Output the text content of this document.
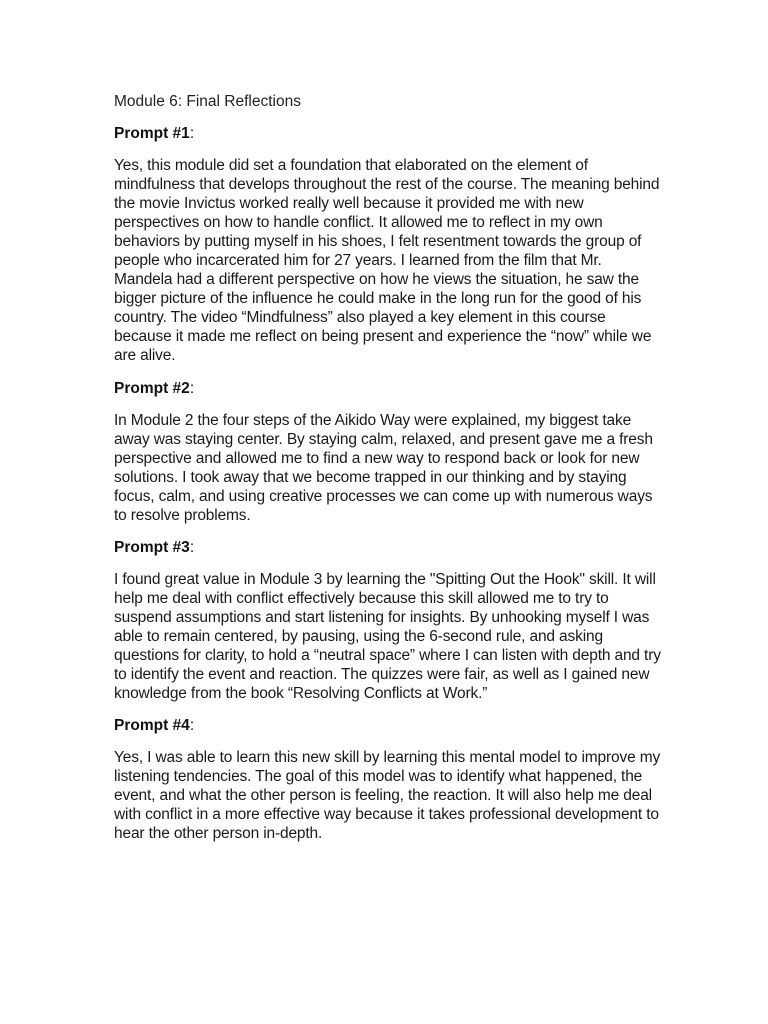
Module 6: Final Reflections
Prompt #1:
Yes, this module did set a foundation that elaborated on the element of mindfulness that develops throughout the rest of the course. The meaning behind the movie Invictus worked really well because it provided me with new perspectives on how to handle conflict. It allowed me to reflect in my own behaviors by putting myself in his shoes, I felt resentment towards the group of people who incarcerated him for 27 years. I learned from the film that Mr. Mandela had a different perspective on how he views the situation, he saw the bigger picture of the influence he could make in the long run for the good of his country. The video “Mindfulness” also played a key element in this course because it made me reflect on being present and experience the “now” while we are alive.
Prompt #2:
In Module 2 the four steps of the Aikido Way were explained, my biggest take away was staying center. By staying calm, relaxed, and present gave me a fresh perspective and allowed me to find a new way to respond back or look for new solutions. I took away that we become trapped in our thinking and by staying focus, calm, and using creative processes we can come up with numerous ways to resolve problems.
Prompt #3:
I found great value in Module 3 by learning the "Spitting Out the Hook" skill. It will help me deal with conflict effectively because this skill allowed me to try to suspend assumptions and start listening for insights. By unhooking myself I was able to remain centered, by pausing, using the 6-second rule, and asking questions for clarity, to hold a “neutral space” where I can listen with depth and try to identify the event and reaction. The quizzes were fair, as well as I gained new knowledge from the book “Resolving Conflicts at Work.”
Prompt #4:
Yes, I was able to learn this new skill by learning this mental model to improve my listening tendencies. The goal of this model was to identify what happened, the event, and what the other person is feeling, the reaction. It will also help me deal with conflict in a more effective way because it takes professional development to hear the other person in-depth.
